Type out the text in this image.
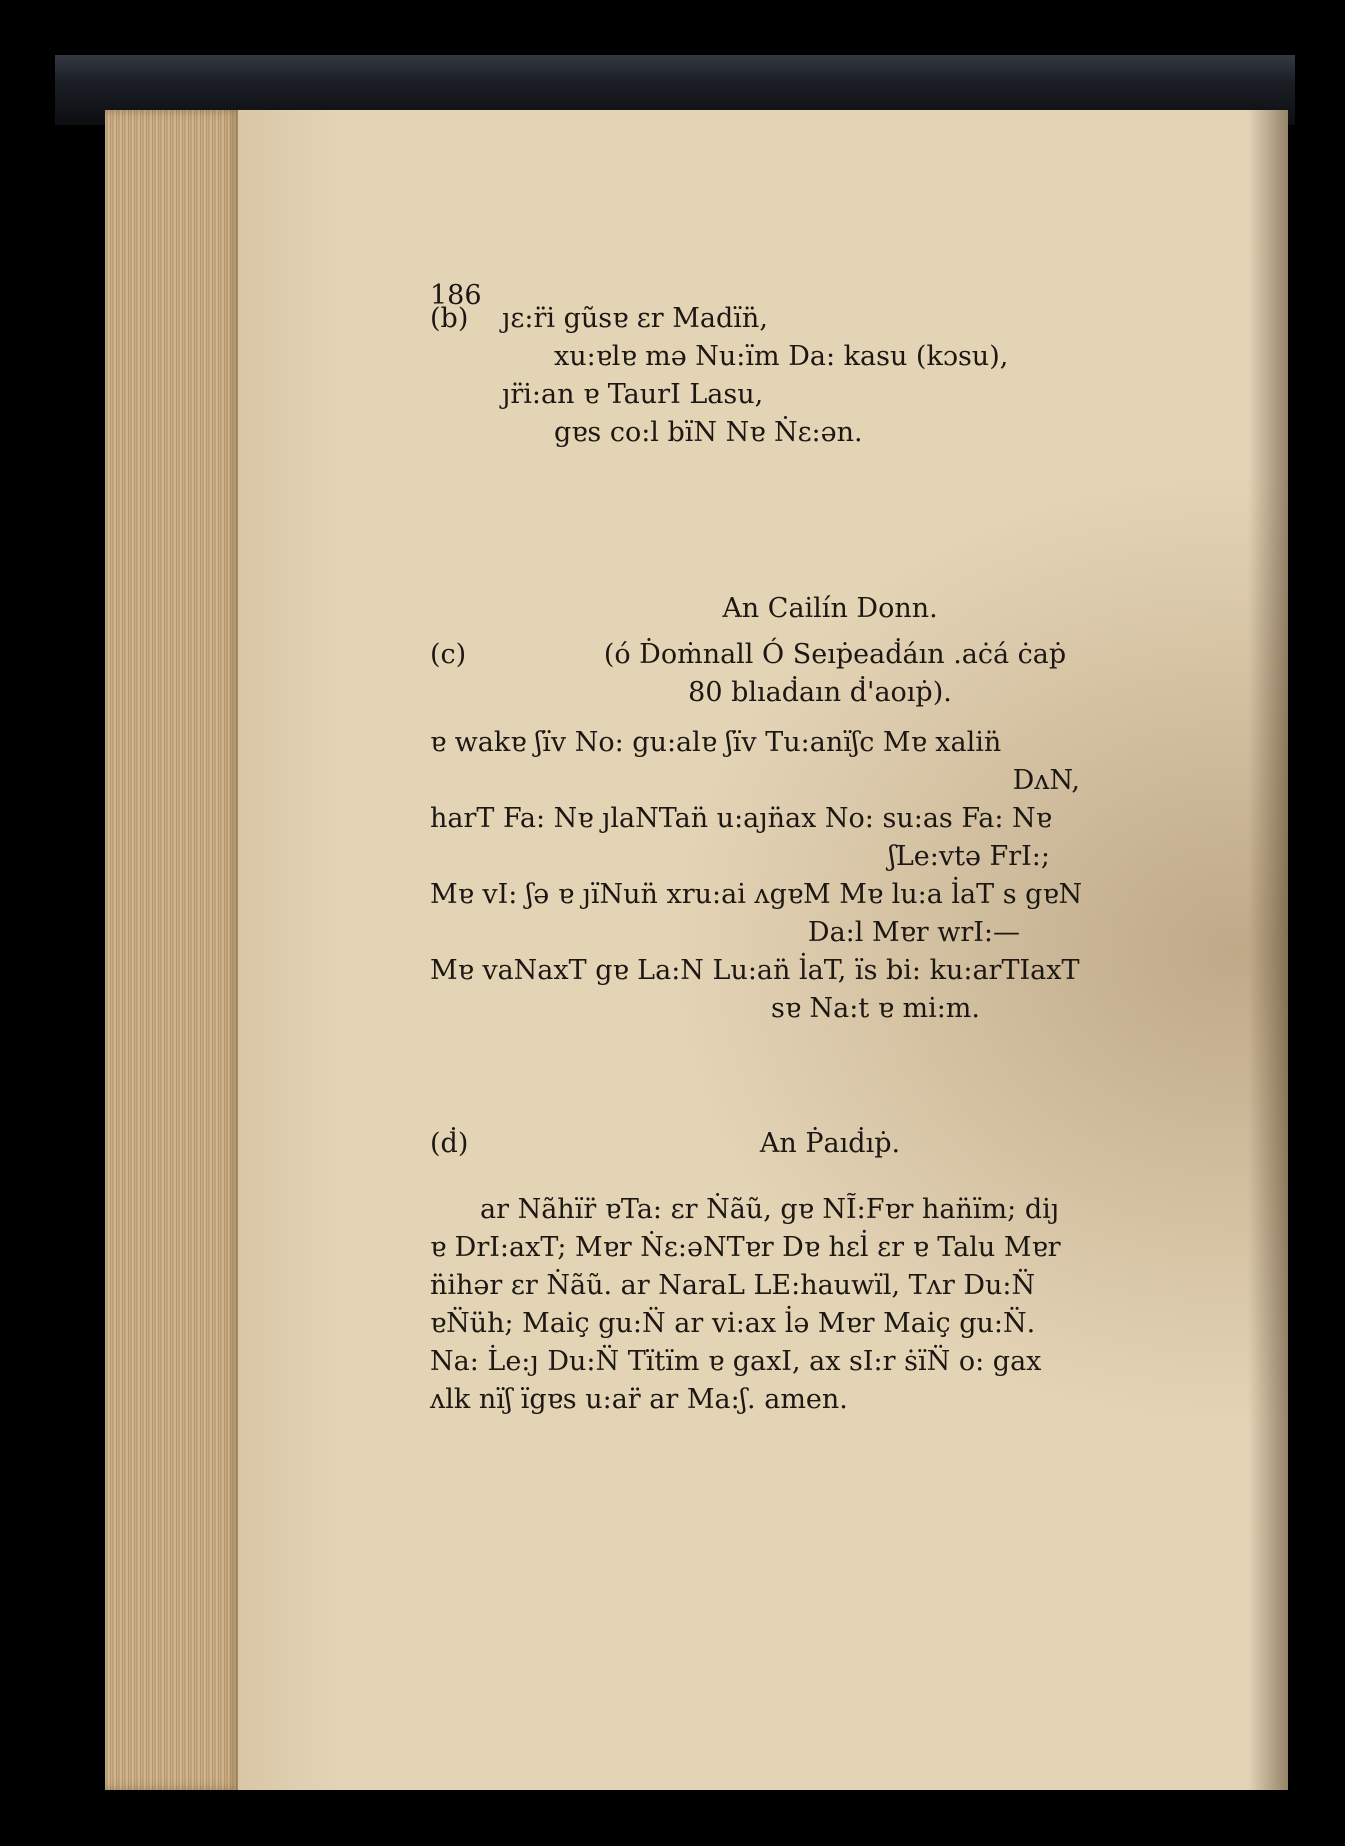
186
(b) ȷɛ:r̈i gũsɐ ɛr Madïn̈,
xu:ɐlɐ mə Nu:ïm Da: kasu (kɔsu),
ȷr̈i:an ɐ TaurI Lasu,
gɐs co:l bïN Nɐ Ṅɛ:ən.
An Cailín Donn.
(c)	(ó Ḋoṁnall Ó Seıṗeaḋáın .aċá ċaṗ
80 blıaḋaın ḋ'aoıṗ).
ɐ wakɐ ʃïv No: gu:alɐ ʃïv Tu:anïʃc Mɐ xalin̈
DʌN,
harT Fa: Nɐ ȷlaNTan̈ u:aȷn̈ax No: su:as Fa: Nɐ
ʃLe:vtə FrI:;
Mɐ vI: ʃə ɐ ȷïNun̈ xru:ai ʌgɐM Mɐ lu:a l̇aT s gɐN
Da:l Mɐr wrI:—
Mɐ vaNaxT gɐ La:N Lu:an̈ l̇aT, ïs bi: ku:arTIaxT
sɐ Na:t ɐ mi:m.
(ḋ)	An Ṗaıḋıṗ.
ar Nãhïr̈ ɐTa: ɛr Ṅãũ, gɐ NĨ:Fɐr han̈ïm; diȷ
ɐ DrI:axT; Mɐr Ṅɛ:əNTɐr Dɐ hɛl̇ ɛr ɐ Talu Mɐr
n̈ihər ɛr Ṅãũ. ar NaraL LE:hauwïl, Tʌr Du:N̈
ɐN̈üh; Maiç gu:N̈ ar vi:ax l̇ə Mɐr Maiç gu:N̈.
Na: L̇e:ȷ Du:N̈ Tïtïm ɐ gaxI, ax sI:r ṡïN̈ o: gax
ʌlk nïʃ ïgɐs u:ar̈ ar Ma:ʃ. amen.
